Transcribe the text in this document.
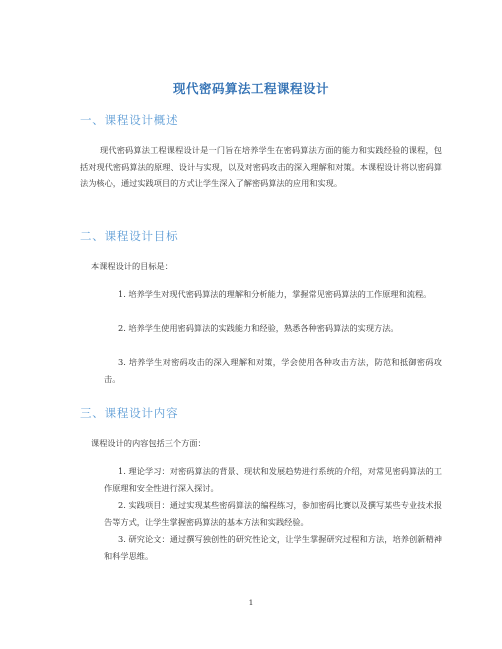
现代密码算法工程课程设计
一、课程设计概述

现代密码算法工程课程设计是一门旨在培养学生在密码算法方面的能力和实践经验的课程，包括对现代密码算法的原理、设计与实现，以及对密码攻击的深入理解和对策。本课程设计将以密码算法为核心，通过实践项目的方式让学生深入了解密码算法的应用和实现。

二、课程设计目标

本课程设计的目标是：

1. 培养学生对现代密码算法的理解和分析能力，掌握常见密码算法的工作原理和流程。

2. 培养学生使用密码算法的实践能力和经验，熟悉各种密码算法的实现方法。

3. 培养学生对密码攻击的深入理解和对策，学会使用各种攻击方法，防范和抵御密码攻击。

三、课程设计内容

课程设计的内容包括三个方面：

1. 理论学习：对密码算法的背景、现状和发展趋势进行系统的介绍，对常见密码算法的工作原理和安全性进行深入探讨。

2. 实践项目：通过实现某些密码算法的编程练习，参加密码比赛以及撰写某些专业技术报告等方式，让学生掌握密码算法的基本方法和实践经验。

3. 研究论文：通过撰写独创性的研究性论文，让学生掌握研究过程和方法，培养创新精神和科学思维。

1
